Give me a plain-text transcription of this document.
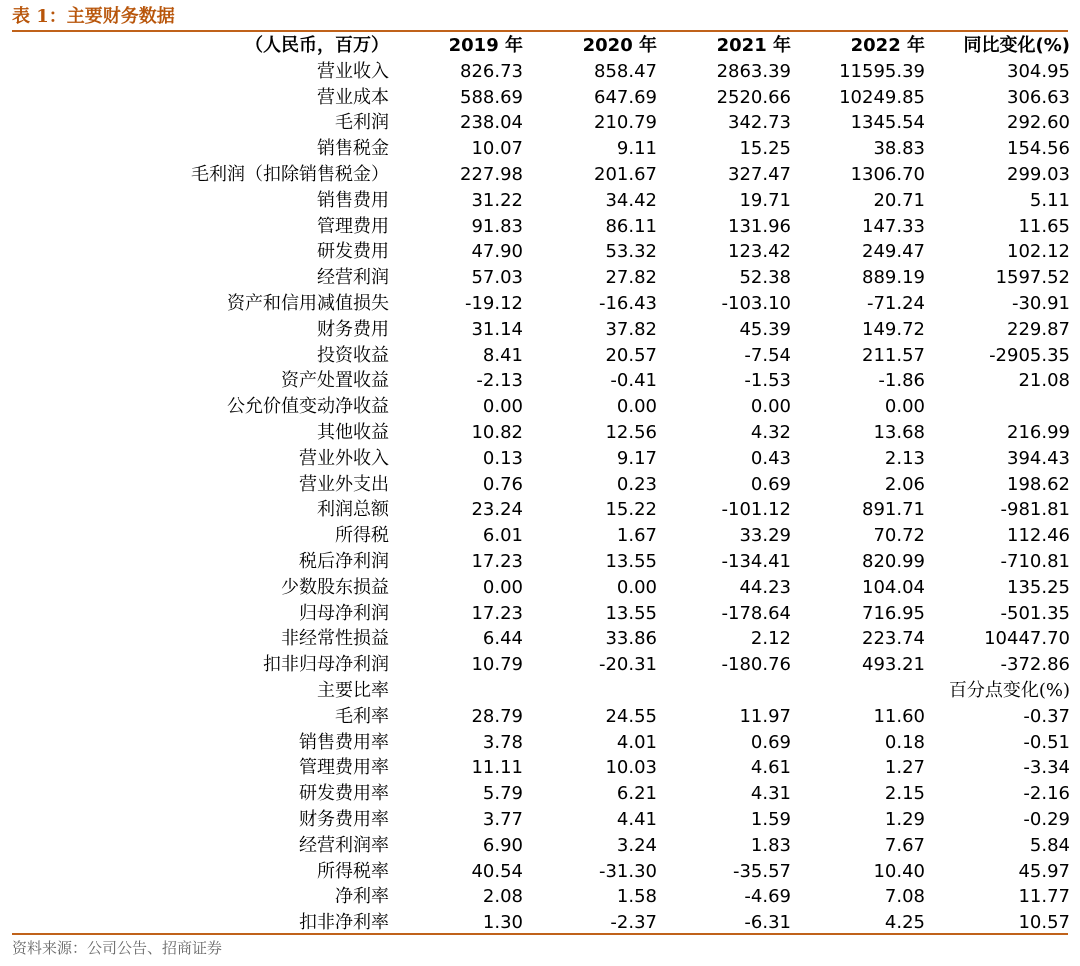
表 1：主要财务数据
（人民币，百万）	2019 年	2020 年	2021 年	2022 年	同比变化(%)
营业收入	826.73	858.47	2863.39	11595.39	304.95
营业成本	588.69	647.69	2520.66	10249.85	306.63
毛利润	238.04	210.79	342.73	1345.54	292.60
销售税金	10.07	9.11	15.25	38.83	154.56
毛利润（扣除销售税金）	227.98	201.67	327.47	1306.70	299.03
销售费用	31.22	34.42	19.71	20.71	5.11
管理费用	91.83	86.11	131.96	147.33	11.65
研发费用	47.90	53.32	123.42	249.47	102.12
经营利润	57.03	27.82	52.38	889.19	1597.52
资产和信用减值损失	-19.12	-16.43	-103.10	-71.24	-30.91
财务费用	31.14	37.82	45.39	149.72	229.87
投资收益	8.41	20.57	-7.54	211.57	-2905.35
资产处置收益	-2.13	-0.41	-1.53	-1.86	21.08
公允价值变动净收益	0.00	0.00	0.00	0.00	
其他收益	10.82	12.56	4.32	13.68	216.99
营业外收入	0.13	9.17	0.43	2.13	394.43
营业外支出	0.76	0.23	0.69	2.06	198.62
利润总额	23.24	15.22	-101.12	891.71	-981.81
所得税	6.01	1.67	33.29	70.72	112.46
税后净利润	17.23	13.55	-134.41	820.99	-710.81
少数股东损益	0.00	0.00	44.23	104.04	135.25
归母净利润	17.23	13.55	-178.64	716.95	-501.35
非经常性损益	6.44	33.86	2.12	223.74	10447.70
扣非归母净利润	10.79	-20.31	-180.76	493.21	-372.86
主要比率					百分点变化(%)
毛利率	28.79	24.55	11.97	11.60	-0.37
销售费用率	3.78	4.01	0.69	0.18	-0.51
管理费用率	11.11	10.03	4.61	1.27	-3.34
研发费用率	5.79	6.21	4.31	2.15	-2.16
财务费用率	3.77	4.41	1.59	1.29	-0.29
经营利润率	6.90	3.24	1.83	7.67	5.84
所得税率	40.54	-31.30	-35.57	10.40	45.97
净利率	2.08	1.58	-4.69	7.08	11.77
扣非净利率	1.30	-2.37	-6.31	4.25	10.57
资料来源：公司公告、招商证券
